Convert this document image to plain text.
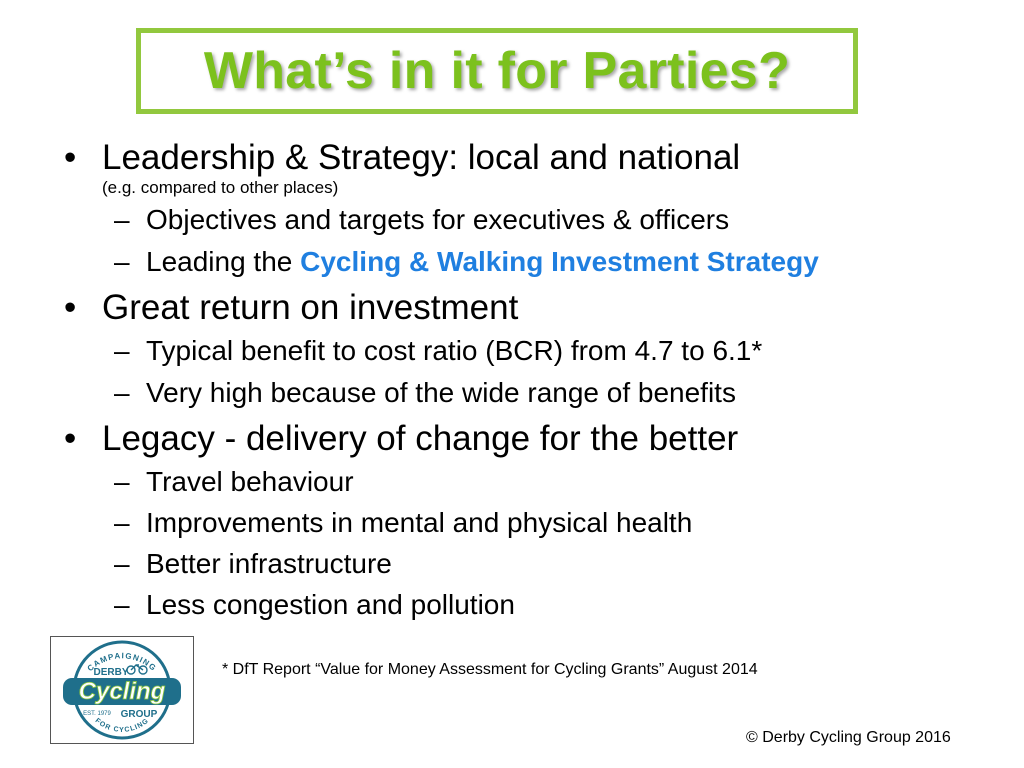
What’s in it for Parties?
• Leadership & Strategy: local and national
(e.g. compared to other places)
– Objectives and targets for executives & officers
– Leading the Cycling & Walking Investment Strategy
• Great return on investment
– Typical benefit to cost ratio (BCR) from 4.7 to 6.1*
– Very high because of the wide range of benefits
• Legacy - delivery of change for the better
– Travel behaviour
– Improvements in mental and physical health
– Better infrastructure
– Less congestion and pollution
CAMPAIGNING
DERBY
Cycling
EST. 1979 GROUP
FOR CYCLING
* DfT Report “Value for Money Assessment for Cycling Grants” August 2014
© Derby Cycling Group 2016
